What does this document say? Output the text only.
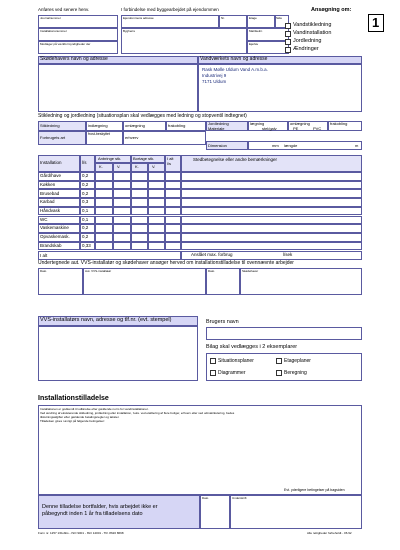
Anføres ved senere henv.	I forbindelse med byggearbejdet på ejendommen
Journalnummer
Installationsnummer
Modtager på værkformyndigheder der
Ejendommens adresse	Nr.	Etage	Side
Bygherre	Matrikelnr.
Ejerlav
Ansøgning om:
1
Vandstikledning
Vandinstallation
Jordledning
Ændringer
Skødehavers navn og adresse	Vandværkets navn og adresse
Rask Mølle Uldum Vand A.m.b.a.
Industrivej 9
7171 Uldum
Stikledning og jordledning (situationsplan skal vedlægges med ledning og stopventil indtegnet)
Stikledning	indlægning	omlægning	frakobling
Forbrugets art
frost-beskyttet
erhverv
Jordledning
Materiale
lægning
stel/galv
omlægning
PE	PVC
frakobling
Dimension	mm længde	m
Installation	l/s
Anbringe stk.	Bortage stk.
K.	V.	K.	V.
I alt
l/s
Stedbetegnelse eller andre bemærkninger
Gård/have	0,2
Køkken	0,2
Brusebad	0,2
Karbad	0,3
Håndvask	0,1
WC	0,1
Vaskemaskine	0,2
Opvaskemask.	0,2
Brandskab	0,33
I alt	Anslået max. forbrug	l/sek
Undertegnede aut. VVS-installatør og skødehaver ansøger herved om installationstilladelse til ovennævnte arbejder
Dato	Aut. VVS-installatør	Dato	Skødehaver
VVS-installatørs navn, adresse og tlf.nr. (evt. stempel)	Brugers navn
Bilag skal vedlægges i 2 eksemplarer
Situationsplaner	Etageplaner
Diagrammer	Beregning
Installationstilladelse
Installationen er godkendt til udførelse efter gældende norm for vandinstallationer.
Ved ændring af eksisterende stikledning, jordledning eller installation, f.eks. ved etablering af flere boliger, erhverv eller ved udmatrikulering, bedes
tilslutningsafgifter efter gældende betalingsregler og takster.
Tilladelsen gives i øvrigt på følgende betingelser:
Evt. yderligere betingelser på bagsiden
Denne tilladelse bortfalder, hvis arbejdet ikke er
påbegyndt inden 1 år fra tilladelsens dato
Dato	Underskrift
Form nr. 1257 1/Dobbs - ISO 9001 - ISO 14001 - TR. 8620 8698	Alle rettigheder forbeholdt - 06.92
